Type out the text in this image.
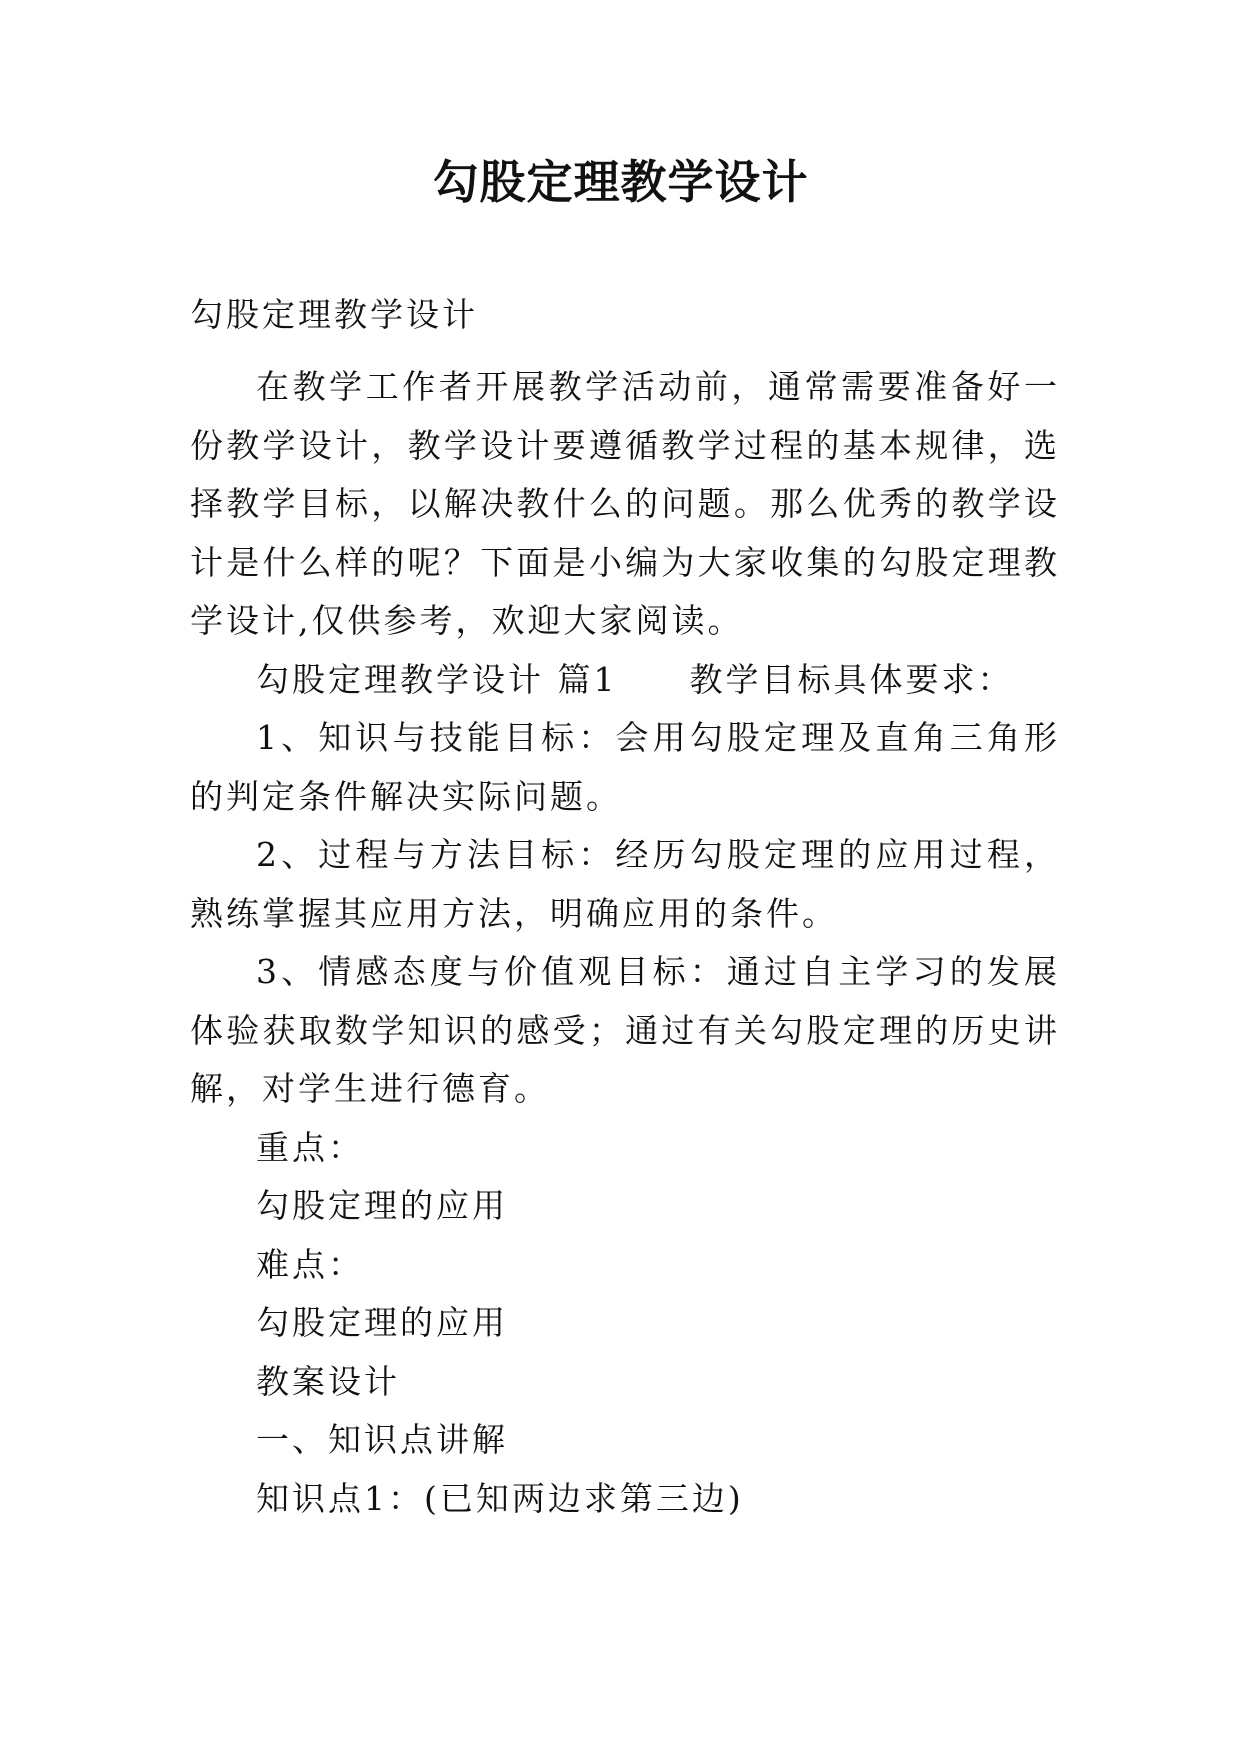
勾股定理教学设计
勾股定理教学设计

在教学工作者开展教学活动前，通常需要准备好一份教学设计，教学设计要遵循教学过程的基本规律，选择教学目标，以解决教什么的问题。那么优秀的教学设计是什么样的呢？下面是小编为大家收集的勾股定理教学设计,仅供参考，欢迎大家阅读。

勾股定理教学设计 篇1　　教学目标具体要求：

1、知识与技能目标：会用勾股定理及直角三角形的判定条件解决实际问题。

2、过程与方法目标：经历勾股定理的应用过程，熟练掌握其应用方法，明确应用的条件。

3、情感态度与价值观目标：通过自主学习的发展体验获取数学知识的感受；通过有关勾股定理的历史讲解，对学生进行德育。

重点：

勾股定理的应用

难点：

勾股定理的应用

教案设计

一、知识点讲解

知识点1：(已知两边求第三边)
